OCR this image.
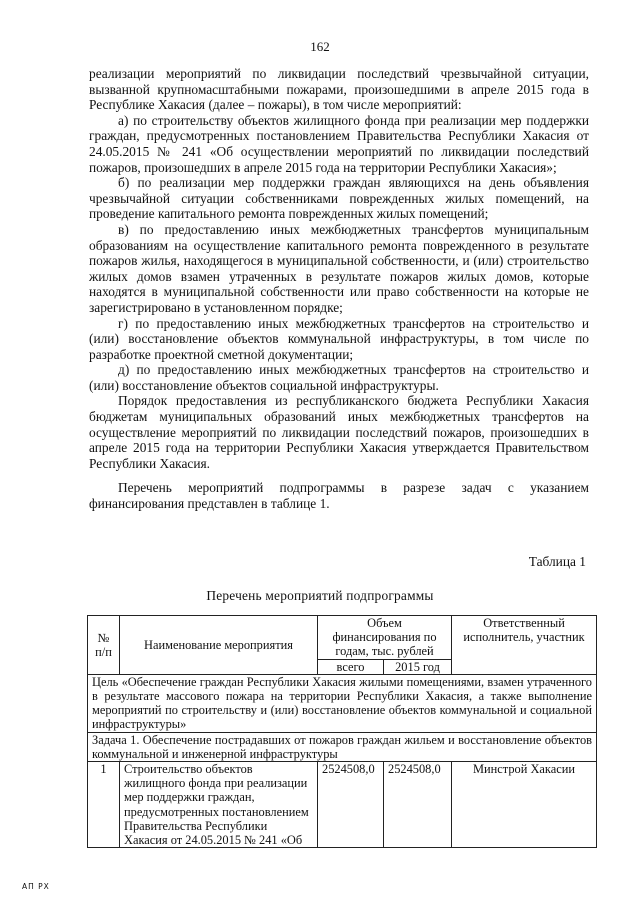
162

реализации мероприятий по ликвидации последствий чрезвычайной ситуации, вызванной крупномасштабными пожарами, произошедшими в апреле 2015 года в Республике Хакасия (далее – пожары), в том числе мероприятий:

а) по строительству объектов жилищного фонда при реализации мер поддержки граждан, предусмотренных постановлением Правительства Республики Хакасия от 24.05.2015 № 241 «Об осуществлении мероприятий по ликвидации последствий пожаров, произошедших в апреле 2015 года на территории Республики Хакасия»;

б) по реализации мер поддержки граждан являющихся на день объявления чрезвычайной ситуации собственниками поврежденных жилых помещений, на проведение капитального ремонта поврежденных жилых помещений;

в) по предоставлению иных межбюджетных трансфертов муниципальным образованиям на осуществление капитального ремонта поврежденного в результате пожаров жилья, находящегося в муниципальной собственности, и (или) строительство жилых домов взамен утраченных в результате пожаров жилых домов, которые находятся в муниципальной собственности или право собственности на которые не зарегистрировано в установленном порядке;

г) по предоставлению иных межбюджетных трансфертов на строительство и (или) восстановление объектов коммунальной инфраструктуры, в том числе по разработке проектной сметной документации;

д) по предоставлению иных межбюджетных трансфертов на строительство и (или) восстановление объектов социальной инфраструктуры.

Порядок предоставления из республиканского бюджета Республики Хакасия бюджетам муниципальных образований иных межбюджетных трансфертов на осуществление мероприятий по ликвидации последствий пожаров, произошедших в апреле 2015 года на территории Республики Хакасия утверждается Правительством Республики Хакасия.

Перечень мероприятий подпрограммы в разрезе задач с указанием финансирования представлен в таблице 1.

Таблица 1
Перечень мероприятий подпрограммы
№ п/п	Наименование мероприятия	Объем финансирования по годам, тыс. рублей		Ответственный исполнитель, участник
		всего	2015 год	
Цель «Обеспечение граждан Республики Хакасия жилыми помещениями, взамен утраченного в результате массового пожара на территории Республики Хакасия, а также выполнение мероприятий по строительству и (или) восстановление объектов коммунальной и социальной инфраструктуры»				
Задача 1. Обеспечение пострадавших от пожаров граждан жильем и восстановление объектов коммунальной и инженерной инфраструктуры				
1	Строительство объектов жилищного фонда при реализации мер поддержки граждан, предусмотренных постановлением Правительства Республики Хакасия от 24.05.2015 № 241 «Об	2524508,0	2524508,0	Минстрой Хакасии
АП РХ
